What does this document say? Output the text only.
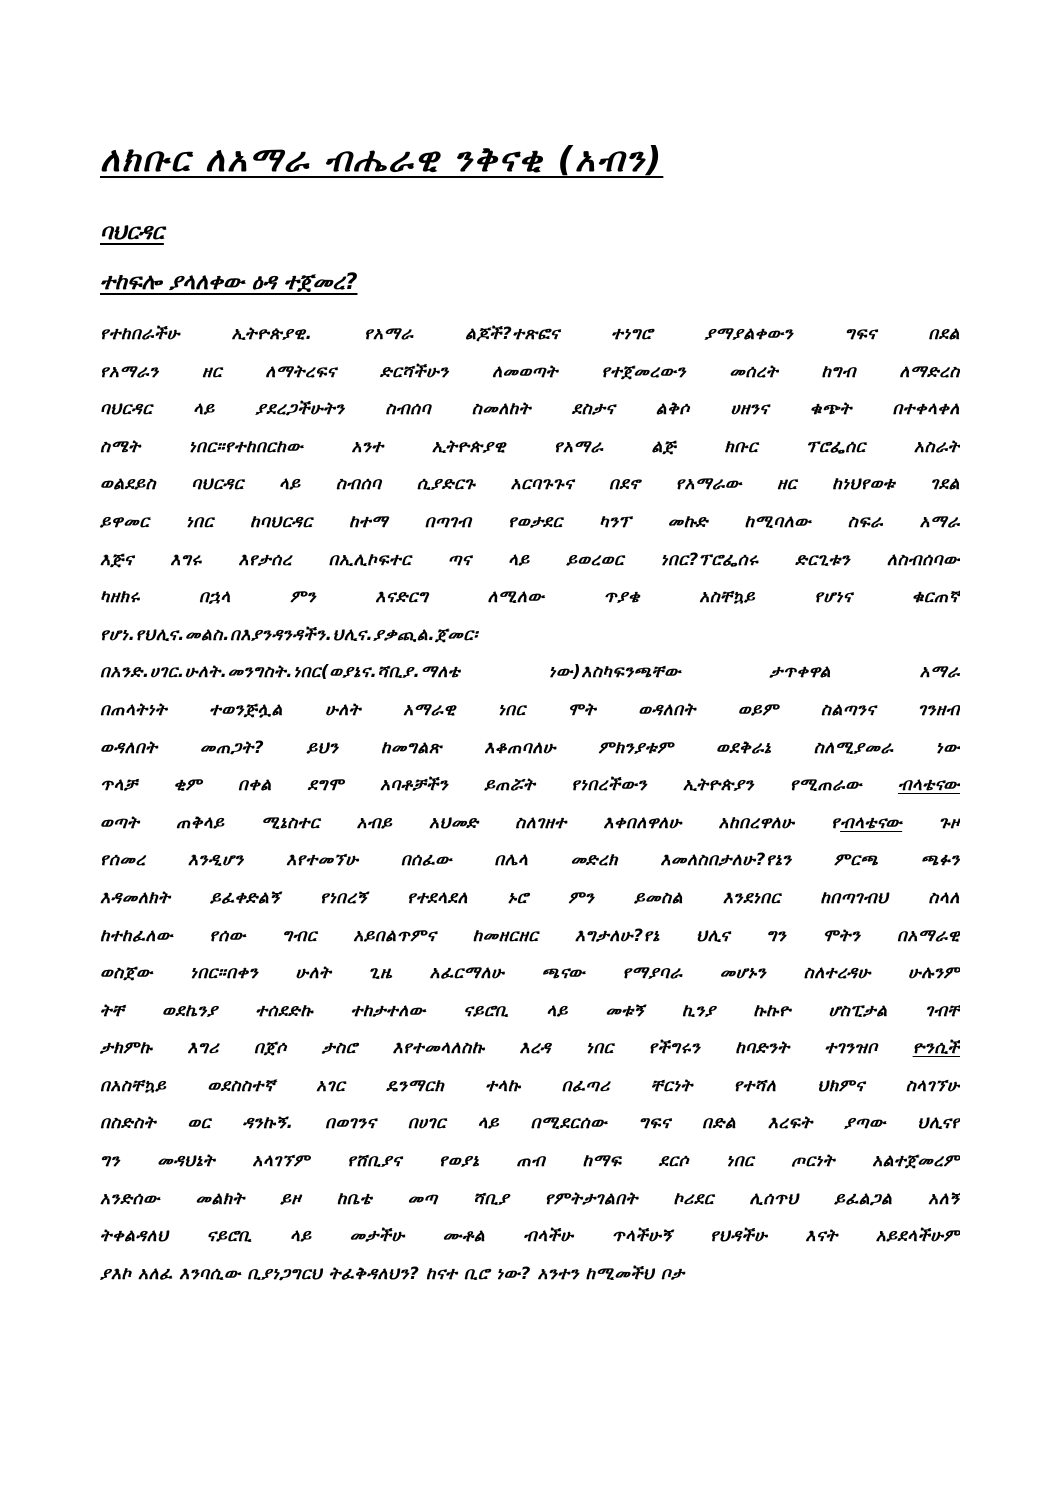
ለክቡር ለአማራ ብሔራዊ ንቅናቂ (አብን)
ባህርዳር
ተከፍሎ ያላለቀው ዕዳ ተጀመረ?
የተከበራችሁ ኢትዮጵያዊ. የአማራ ልጆች?ተጽፎና ተነግሮ ያማያልቀውን ግፍና በደል
የአማራን ዘር ለማትረፍና ድርሻችሁን ለመወጣት የተጀመረውን መሰረት ከግብ ለማድረስ
ባህርዳር ላይ ያደረጋችሁትን ስብሰባ ስመለከት ደስታና ልቅሶ ሀዘንና ቁጭት በተቀላቀለ
ስሜት ነበር።የተከበርከው አንተ ኢትዮጵያዊ የአማራ ልጅ ክቡር ፕሮፌሰር አስራት
ወልደይስ ባህርዳር ላይ ስብሰባ ሲያድርጉ አርባጉጉና በደኖ የአማራው ዘር ከነህየወቱ ገደል
ይዋመር ነበር ከባህርዳር ከተማ በጣገብ የወታደር ካንፕ መኩድ ከሚባለው ስፍራ አማራ
እጅና እግሩ እየታሰረ በኢሊኮፍተር ጣና ላይ ይወረወር ነበር?ፕሮፌሰሩ ድርጊቱን ለስብሰባው
ካዘክሩ በኋላ ምን እናድርግ ለሚለው ጥያቄ አስቸኳይ የሆነና ቁርጠኛ
የሆነ.የህሊና.መልስ.በእያንዳንዳችን.ህሊና.ያቃጪል.ጀመር፡
በአንድ.ሀገር.ሁለት.መንግስት.ነበር(ወያኔና.ሻቢያ.ማለቴ ነው)እስካፍንጫቸው ታጥቀዋል አማራ
በጠላትነት ተወንጅሏል ሁለት አማራዊ ነበር ሞት ወዳለበት ወይም ስልጣንና ገንዘብ
ወዳለበት መጠጋት? ይህን ከመግልጽ እቆጠባለሁ ምክንያቱም ወደቅራኔ ስለሚያመራ ነው
ጥላቻ ቂም በቀል ደግሞ አባቶቻችን ይጠሯት የነበረችውን ኢትዮጵያን የሚጠራው ብላቴናው
ወጣት ጠቅላይ ሚኔስተር አብይ አህመድ ስለገዘተ እቀበለዋለሁ አከበረዋለሁ የብላቴናው ጉዞ
የሰመረ እንዲሆን እየተመኘሁ በሰፈው በሌላ መድረክ እመለስበታለሁ?የኔን ምርጫ ጫፉን
እዳመለክት ይፈቀድልኝ የነበረኝ የተደላደለ ኑሮ ምን ይመስል እንደነበር ከበጣገብህ ስላለ
ከተከፈለው የሰው ግብር አይበልጥምና ከመዘርዘር እግታለሁ?የኔ ህሊና ግን ሞትን በአማራዊ
ወስጀው ነበር።በቀን ሁለት ጊዜ አፈርማለሁ ጫናው የማያባራ መሆኑን ስለተረዳሁ ሁሉንም
ትቸ ወደኬንያ ተሰደድኩ ተከታተለው ናይሮቢ ላይ መቱኝ ኪንያ ኩኩዮ ሆስፒታል ገብቸ
ታክምኩ እግሪ በጀሶ ታስሮ እየተመላለስኩ እረዳ ነበር የችግሩን ከባድንት ተገንዝቦ ዮንሲች
በአስቸኳይ ወደስስተኛ አገር ዴንማርክ ተላኩ በፈጣሪ ቸርነት የተሻለ ህክምና ስላገኘሁ
በስድስት ወር ዳንኩኝ. በወገንና በሀገር ላይ በሚደርሰው ግፍና በድል እረፍት ያጣው ህሊናየ
ግን መዳህኔት አላገኘም የሸቢያና የወያኔ ጠብ ከማፍ ደርሶ ነበር ጦርነት አልተጀመረም
አንድሰው መልክት ይዞ ከቤቴ መጣ ሻቢያ የምትታገልበት ኮሪደር ሊሰጥህ ይፈልጋል አለኝ
ትቀልዳለህ ናይሮቢ ላይ መታችሁ ሙቶል ብላችሁ ጥላችሁኝ የህዳችሁ እናት አይደላችሁም
ያእኮ አለፈ እንባሲው ቢያነጋግርህ ትፈቅዳለህን? ከናተ ቢሮ ነው? አንተን ከሚመችህ ቦታ
